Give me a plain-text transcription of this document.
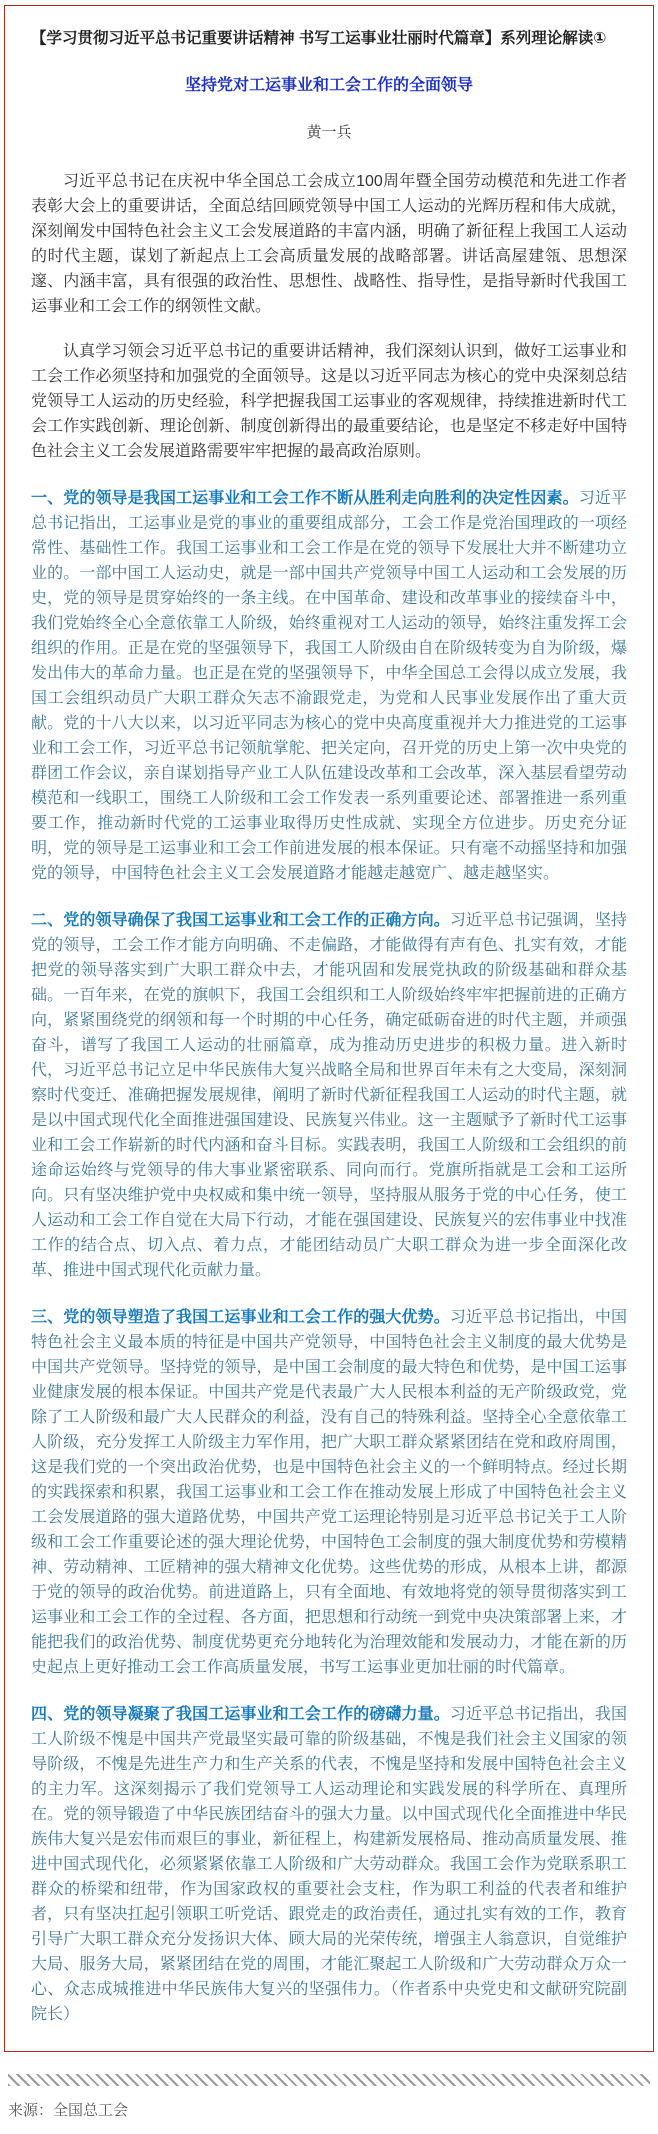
【学习贯彻习近平总书记重要讲话精神 书写工运事业壮丽时代篇章】系列理论解读①

坚持党对工运事业和工会工作的全面领导

黄一兵

习近平总书记在庆祝中华全国总工会成立100周年暨全国劳动模范和先进工作者表彰大会上的重要讲话，全面总结回顾党领导中国工人运动的光辉历程和伟大成就，深刻阐发中国特色社会主义工会发展道路的丰富内涵，明确了新征程上我国工人运动的时代主题，谋划了新起点上工会高质量发展的战略部署。讲话高屋建瓴、思想深邃、内涵丰富，具有很强的政治性、思想性、战略性、指导性，是指导新时代我国工运事业和工会工作的纲领性文献。

认真学习领会习近平总书记的重要讲话精神，我们深刻认识到，做好工运事业和工会工作必须坚持和加强党的全面领导。这是以习近平同志为核心的党中央深刻总结党领导工人运动的历史经验，科学把握我国工运事业的客观规律，持续推进新时代工会工作实践创新、理论创新、制度创新得出的最重要结论，也是坚定不移走好中国特色社会主义工会发展道路需要牢牢把握的最高政治原则。

一、党的领导是我国工运事业和工会工作不断从胜利走向胜利的决定性因素。习近平总书记指出，工运事业是党的事业的重要组成部分，工会工作是党治国理政的一项经常性、基础性工作。我国工运事业和工会工作是在党的领导下发展壮大并不断建功立业的。一部中国工人运动史，就是一部中国共产党领导中国工人运动和工会发展的历史，党的领导是贯穿始终的一条主线。在中国革命、建设和改革事业的接续奋斗中，我们党始终全心全意依靠工人阶级，始终重视对工人运动的领导，始终注重发挥工会组织的作用。正是在党的坚强领导下，我国工人阶级由自在阶级转变为自为阶级，爆发出伟大的革命力量。也正是在党的坚强领导下，中华全国总工会得以成立发展，我国工会组织动员广大职工群众矢志不渝跟党走，为党和人民事业发展作出了重大贡献。党的十八大以来，以习近平同志为核心的党中央高度重视并大力推进党的工运事业和工会工作，习近平总书记领航掌舵、把关定向，召开党的历史上第一次中央党的群团工作会议，亲自谋划指导产业工人队伍建设改革和工会改革，深入基层看望劳动模范和一线职工，围绕工人阶级和工会工作发表一系列重要论述、部署推进一系列重要工作，推动新时代党的工运事业取得历史性成就、实现全方位进步。历史充分证明，党的领导是工运事业和工会工作前进发展的根本保证。只有毫不动摇坚持和加强党的领导，中国特色社会主义工会发展道路才能越走越宽广、越走越坚实。

二、党的领导确保了我国工运事业和工会工作的正确方向。习近平总书记强调，坚持党的领导，工会工作才能方向明确、不走偏路，才能做得有声有色、扎实有效，才能把党的领导落实到广大职工群众中去，才能巩固和发展党执政的阶级基础和群众基础。一百年来，在党的旗帜下，我国工会组织和工人阶级始终牢牢把握前进的正确方向，紧紧围绕党的纲领和每一个时期的中心任务，确定砥砺奋进的时代主题，并顽强奋斗，谱写了我国工人运动的壮丽篇章，成为推动历史进步的积极力量。进入新时代，习近平总书记立足中华民族伟大复兴战略全局和世界百年未有之大变局，深刻洞察时代变迁、准确把握发展规律，阐明了新时代新征程我国工人运动的时代主题，就是以中国式现代化全面推进强国建设、民族复兴伟业。这一主题赋予了新时代工运事业和工会工作崭新的时代内涵和奋斗目标。实践表明，我国工人阶级和工会组织的前途命运始终与党领导的伟大事业紧密联系、同向而行。党旗所指就是工会和工运所向。只有坚决维护党中央权威和集中统一领导，坚持服从服务于党的中心任务，使工人运动和工会工作自觉在大局下行动，才能在强国建设、民族复兴的宏伟事业中找准工作的结合点、切入点、着力点，才能团结动员广大职工群众为进一步全面深化改革、推进中国式现代化贡献力量。

三、党的领导塑造了我国工运事业和工会工作的强大优势。习近平总书记指出，中国特色社会主义最本质的特征是中国共产党领导，中国特色社会主义制度的最大优势是中国共产党领导。坚持党的领导，是中国工会制度的最大特色和优势，是中国工运事业健康发展的根本保证。中国共产党是代表最广大人民根本利益的无产阶级政党，党除了工人阶级和最广大人民群众的利益，没有自己的特殊利益。坚持全心全意依靠工人阶级，充分发挥工人阶级主力军作用，把广大职工群众紧紧团结在党和政府周围，这是我们党的一个突出政治优势，也是中国特色社会主义的一个鲜明特点。经过长期的实践探索和积累，我国工运事业和工会工作在推动发展上形成了中国特色社会主义工会发展道路的强大道路优势，中国共产党工运理论特别是习近平总书记关于工人阶级和工会工作重要论述的强大理论优势，中国特色工会制度的强大制度优势和劳模精神、劳动精神、工匠精神的强大精神文化优势。这些优势的形成，从根本上讲，都源于党的领导的政治优势。前进道路上，只有全面地、有效地将党的领导贯彻落实到工运事业和工会工作的全过程、各方面，把思想和行动统一到党中央决策部署上来，才能把我们的政治优势、制度优势更充分地转化为治理效能和发展动力，才能在新的历史起点上更好推动工会工作高质量发展，书写工运事业更加壮丽的时代篇章。

四、党的领导凝聚了我国工运事业和工会工作的磅礴力量。习近平总书记指出，我国工人阶级不愧是中国共产党最坚实最可靠的阶级基础，不愧是我们社会主义国家的领导阶级，不愧是先进生产力和生产关系的代表，不愧是坚持和发展中国特色社会主义的主力军。这深刻揭示了我们党领导工人运动理论和实践发展的科学所在、真理所在。党的领导锻造了中华民族团结奋斗的强大力量。以中国式现代化全面推进中华民族伟大复兴是宏伟而艰巨的事业，新征程上，构建新发展格局、推动高质量发展、推进中国式现代化，必须紧紧依靠工人阶级和广大劳动群众。我国工会作为党联系职工群众的桥梁和纽带，作为国家政权的重要社会支柱，作为职工利益的代表者和维护者，只有坚决扛起引领职工听党话、跟党走的政治责任，通过扎实有效的工作，教育引导广大职工群众充分发扬识大体、顾大局的光荣传统，增强主人翁意识，自觉维护大局、服务大局，紧紧团结在党的周围，才能汇聚起工人阶级和广大劳动群众万众一心、众志成城推进中华民族伟大复兴的坚强伟力。（作者系中央党史和文献研究院副院长）

来源：全国总工会
